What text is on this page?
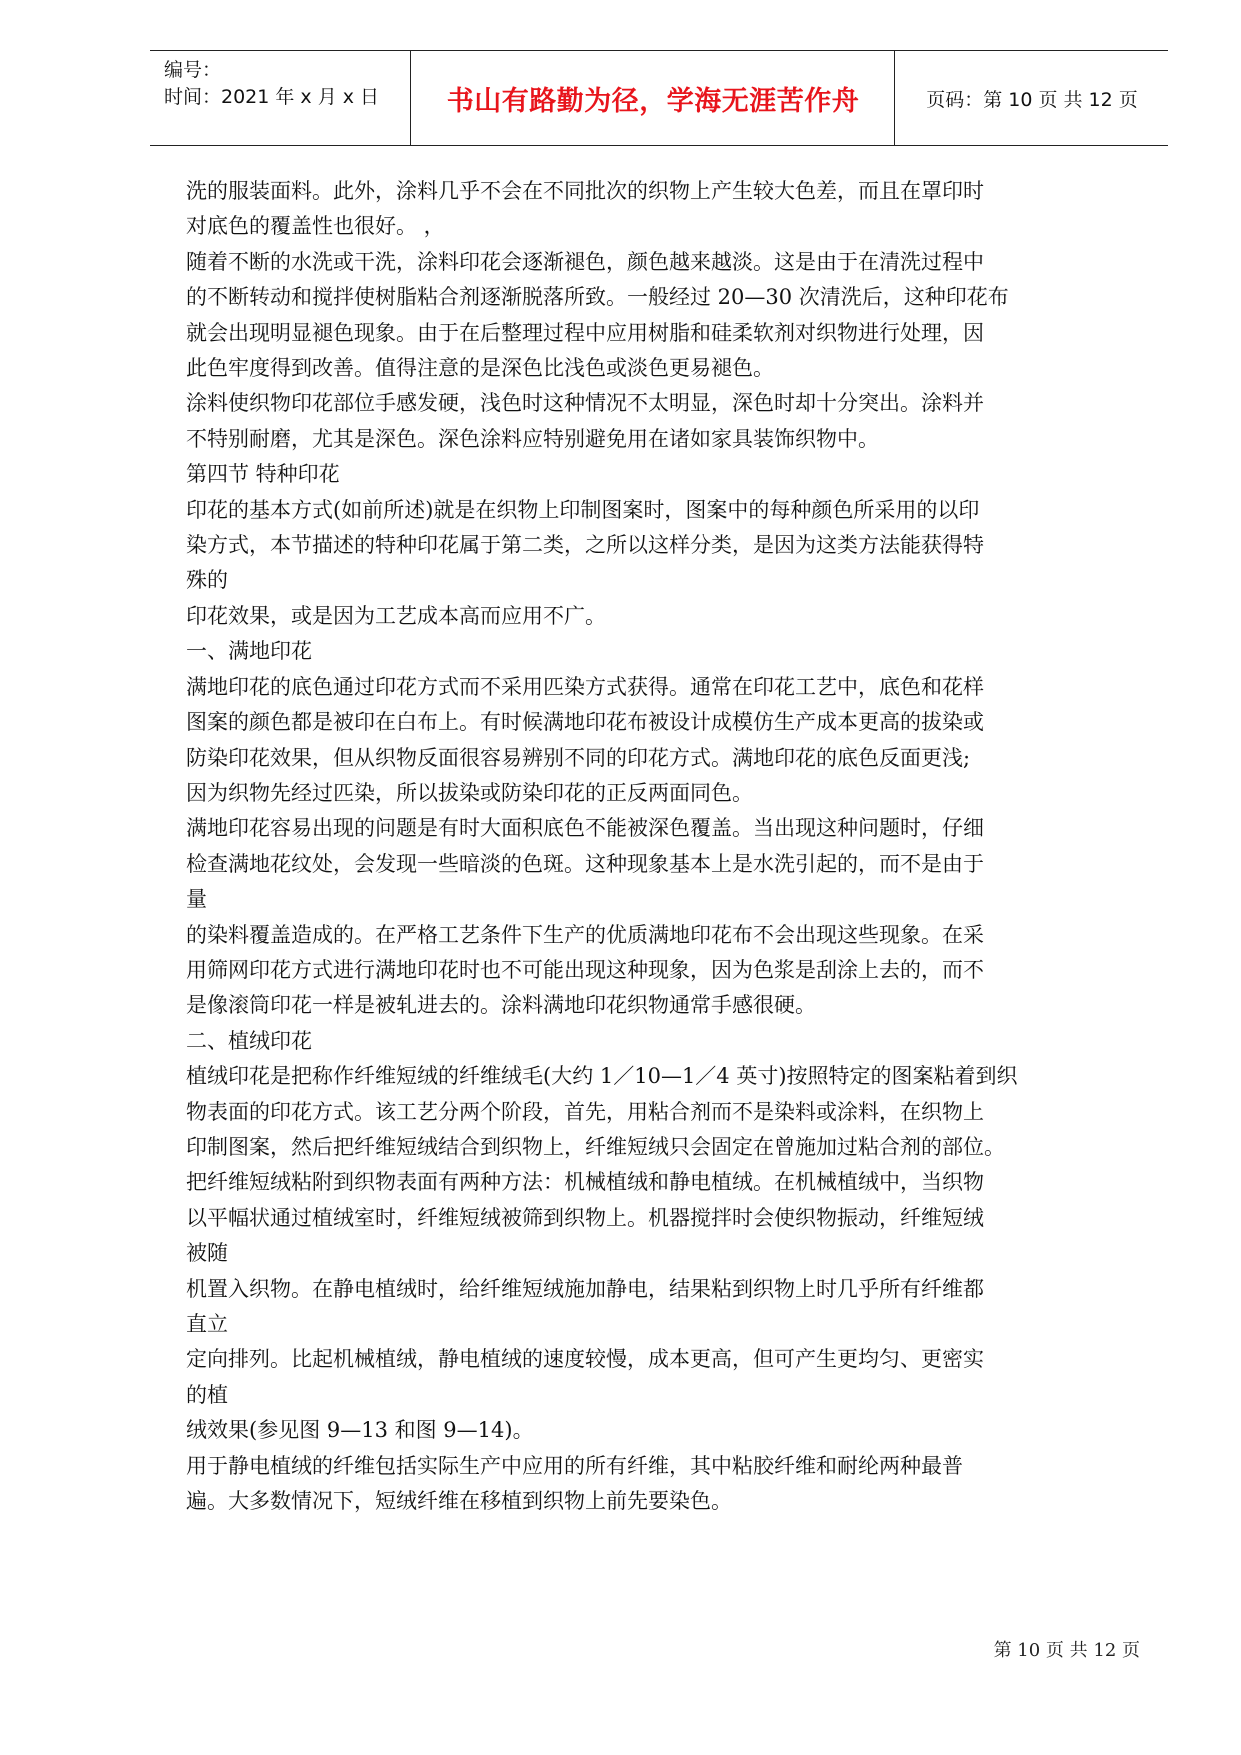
编号：
时间：2021 年 x 月 x 日	书山有路勤为径，学海无涯苦作舟	页码：第 10 页 共 12 页

洗的服装面料。此外，涂料几乎不会在不同批次的织物上产生较大色差，而且在罩印时

对底色的覆盖性也很好。 ，

随着不断的水洗或干洗，涂料印花会逐渐褪色，颜色越来越淡。这是由于在清洗过程中

的不断转动和搅拌使树脂粘合剂逐渐脱落所致。一般经过 20—30 次清洗后，这种印花布

就会出现明显褪色现象。由于在后整理过程中应用树脂和硅柔软剂对织物进行处理，因

此色牢度得到改善。值得注意的是深色比浅色或淡色更易褪色。

涂料使织物印花部位手感发硬，浅色时这种情况不太明显，深色时却十分突出。涂料并

不特别耐磨，尤其是深色。深色涂料应特别避免用在诸如家具装饰织物中。

第四节 特种印花

印花的基本方式(如前所述)就是在织物上印制图案时，图案中的每种颜色所采用的以印

染方式，本节描述的特种印花属于第二类，之所以这样分类，是因为这类方法能获得特

殊的

印花效果，或是因为工艺成本高而应用不广。

一、满地印花

满地印花的底色通过印花方式而不采用匹染方式获得。通常在印花工艺中，底色和花样

图案的颜色都是被印在白布上。有时候满地印花布被设计成模仿生产成本更高的拔染或

防染印花效果，但从织物反面很容易辨别不同的印花方式。满地印花的底色反面更浅;

因为织物先经过匹染，所以拔染或防染印花的正反两面同色。

满地印花容易出现的问题是有时大面积底色不能被深色覆盖。当出现这种问题时，仔细

检查满地花纹处，会发现一些暗淡的色斑。这种现象基本上是水洗引起的，而不是由于

量

的染料覆盖造成的。在严格工艺条件下生产的优质满地印花布不会出现这些现象。在采

用筛网印花方式进行满地印花时也不可能出现这种现象，因为色浆是刮涂上去的，而不

是像滚筒印花一样是被轧进去的。涂料满地印花织物通常手感很硬。

二、植绒印花

植绒印花是把称作纤维短绒的纤维绒毛(大约 1／10—1／4 英寸)按照特定的图案粘着到织

物表面的印花方式。该工艺分两个阶段，首先，用粘合剂而不是染料或涂料，在织物上

印制图案，然后把纤维短绒结合到织物上，纤维短绒只会固定在曾施加过粘合剂的部位。

把纤维短绒粘附到织物表面有两种方法：机械植绒和静电植绒。在机械植绒中，当织物

以平幅状通过植绒室时，纤维短绒被筛到织物上。机器搅拌时会使织物振动，纤维短绒

被随

机置入织物。在静电植绒时，给纤维短绒施加静电，结果粘到织物上时几乎所有纤维都

直立

定向排列。比起机械植绒，静电植绒的速度较慢，成本更高，但可产生更均匀、更密实

的植

绒效果(参见图 9—13 和图 9—14)。

用于静电植绒的纤维包括实际生产中应用的所有纤维，其中粘胶纤维和耐纶两种最普

遍。大多数情况下，短绒纤维在移植到织物上前先要染色。

第 10 页 共 12 页
